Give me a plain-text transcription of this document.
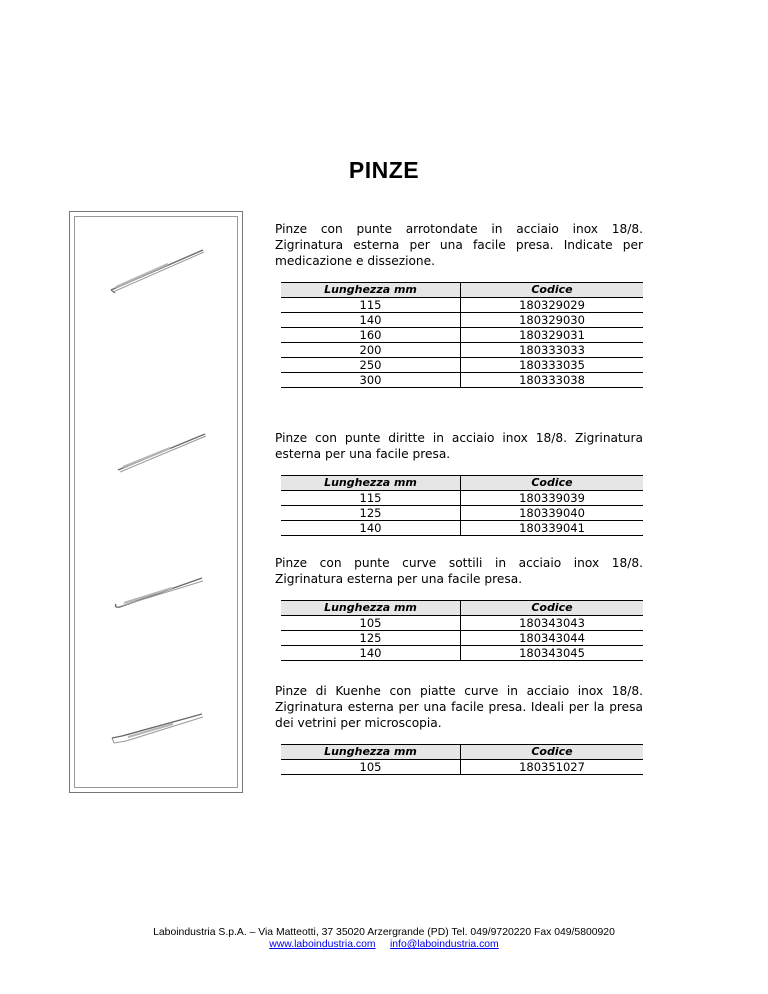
PINZE

Pinze con punte arrotondate in acciaio inox 18/8. Zigrinatura esterna per una facile presa. Indicate per medicazione e dissezione.

Lunghezza mm	Codice
115	180329029
140	180329030
160	180329031
200	180333033
250	180333035
300	180333038

Pinze con punte diritte in acciaio inox 18/8. Zigrinatura esterna per una facile presa.

Lunghezza mm	Codice
115	180339039
125	180339040
140	180339041

Pinze con punte curve sottili in acciaio inox 18/8. Zigrinatura esterna per una facile presa.

Lunghezza mm	Codice
105	180343043
125	180343044
140	180343045

Pinze di Kuenhe con piatte curve in acciaio inox 18/8. Zigrinatura esterna per una facile presa. Ideali per la presa dei vetrini per microscopia.

Lunghezza mm	Codice
105	180351027
Laboindustria S.p.A. – Via Matteotti, 37 35020 Arzergrande (PD) Tel. 049/9720220 Fax 049/5800920
www.laboindustria.com info@laboindustria.com
